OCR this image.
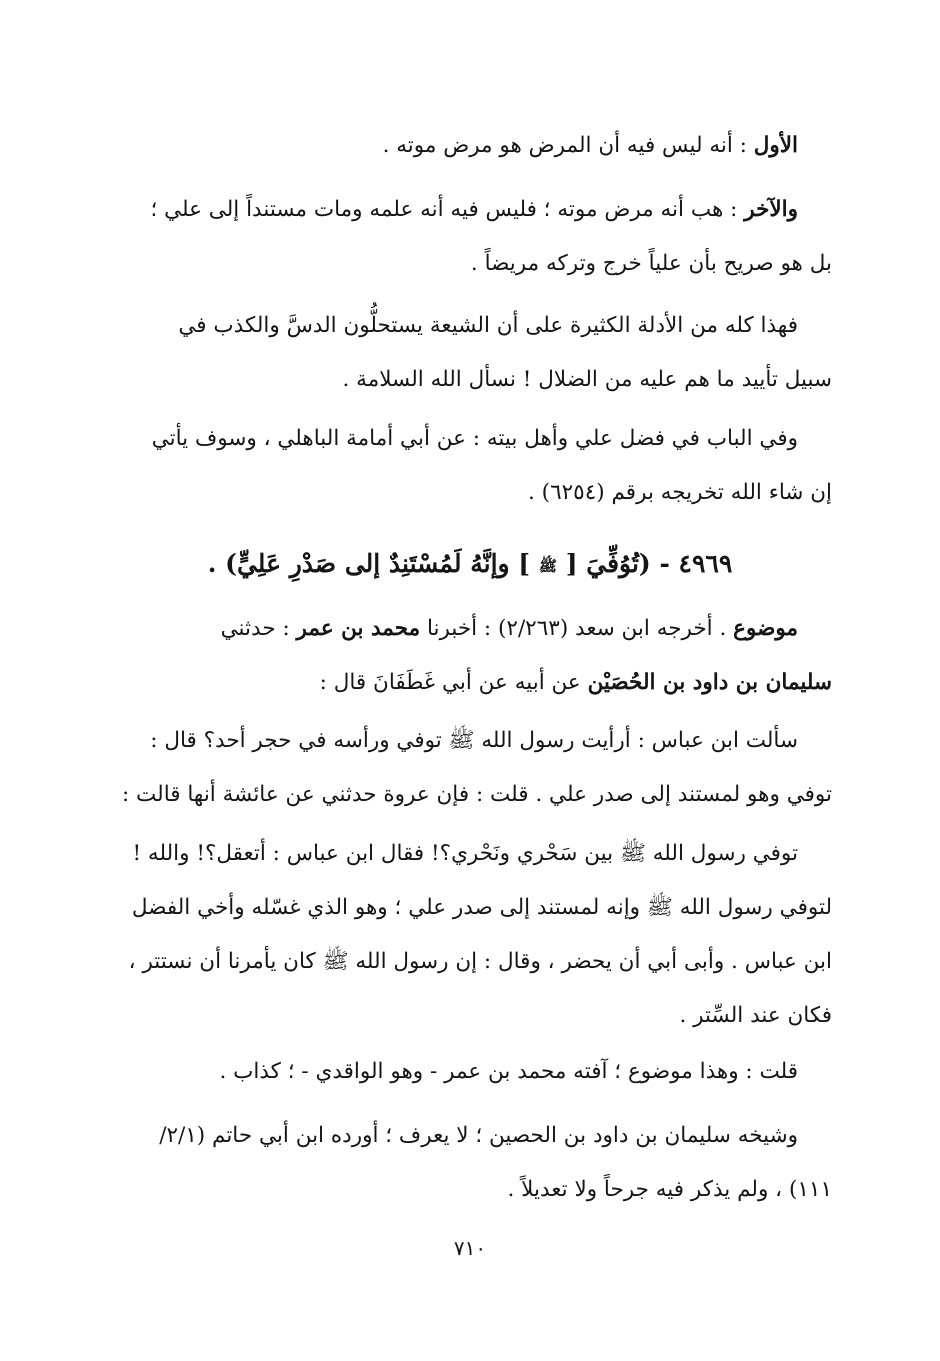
الأول : أنه ليس فيه أن المرض هو مرض موته .
والآخر : هب أنه مرض موته ؛ فليس فيه أنه علمه ومات مستنداً إلى علي ؛
بل هو صريح بأن علياً خرج وتركه مريضاً .
فهذا كله من الأدلة الكثيرة على أن الشيعة يستحلُّون الدسَّ والكذب في
سبيل تأييد ما هم عليه من الضلال ! نسأل الله السلامة .
وفي الباب في فضل علي وأهل بيته : عن أبي أمامة الباهلي ، وسوف يأتي
إن شاء الله تخريجه برقم (٦٢٥٤) .
٤٩٦٩ - (تُوُفِّيَ [ ﷺ ] وإنَّهُ لَمُسْتَنِدٌ إلى صَدْرِ عَلِيٍّ) .
موضوع . أخرجه ابن سعد (٢/٢٦٣) : أخبرنا محمد بن عمر : حدثني
سليمان بن داود بن الحُصَيْن عن أبيه عن أبي غَطَفَانَ قال :
سألت ابن عباس : أرأيت رسول الله ﷺ توفي ورأسه في حجر أحد؟ قال :
توفي وهو لمستند إلى صدر علي . قلت : فإن عروة حدثني عن عائشة أنها قالت :
توفي رسول الله ﷺ بين سَحْري ونَحْري؟! فقال ابن عباس : أتعقل؟! والله !
لتوفي رسول الله ﷺ وإنه لمستند إلى صدر علي ؛ وهو الذي غسّله وأخي الفضل
ابن عباس . وأبى أبي أن يحضر ، وقال : إن رسول الله ﷺ كان يأمرنا أن نستتر ،
فكان عند السِّتر .
قلت : وهذا موضوع ؛ آفته محمد بن عمر - وهو الواقدي - ؛ كذاب .
وشيخه سليمان بن داود بن الحصين ؛ لا يعرف ؛ أورده ابن أبي حاتم (٢/١/
١١١) ، ولم يذكر فيه جرحاً ولا تعديلاً .
٧١٠
